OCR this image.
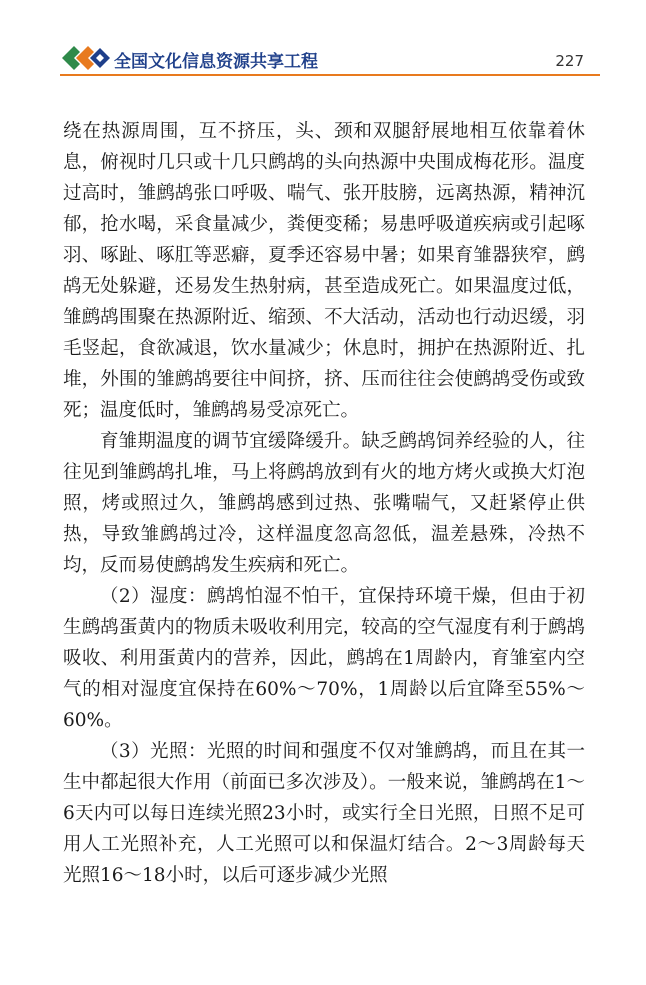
全国文化信息资源共享工程	227

绕在热源周围，互不挤压，头、颈和双腿舒展地相互依靠着休息，俯视时几只或十几只鹧鸪的头向热源中央围成梅花形。温度过高时，雏鹧鸪张口呼吸、喘气、张开肢膀，远离热源，精神沉郁，抢水喝，采食量减少，粪便变稀；易患呼吸道疾病或引起啄羽、啄趾、啄肛等恶癖，夏季还容易中暑；如果育雏器狭窄，鹧鸪无处躲避，还易发生热射病，甚至造成死亡。如果温度过低，雏鹧鸪围聚在热源附近、缩颈、不大活动，活动也行动迟缓，羽毛竖起，食欲减退，饮水量减少；休息时，拥护在热源附近、扎堆，外围的雏鹧鸪要往中间挤，挤、压而往往会使鹧鸪受伤或致死；温度低时，雏鹧鸪易受凉死亡。

育雏期温度的调节宜缓降缓升。缺乏鹧鸪饲养经验的人，往往见到雏鹧鸪扎堆，马上将鹧鸪放到有火的地方烤火或换大灯泡照，烤或照过久，雏鹧鸪感到过热、张嘴喘气，又赶紧停止供热，导致雏鹧鸪过冷，这样温度忽高忽低，温差悬殊，冷热不均，反而易使鹧鸪发生疾病和死亡。

（2）湿度：鹧鸪怕湿不怕干，宜保持环境干燥，但由于初生鹧鸪蛋黄内的物质未吸收利用完，较高的空气湿度有利于鹧鸪吸收、利用蛋黄内的营养，因此，鹧鸪在1周龄内，育雏室内空气的相对湿度宜保持在60%～70%，1周龄以后宜降至55%～60%。

（3）光照：光照的时间和强度不仅对雏鹧鸪，而且在其一生中都起很大作用（前面已多次涉及）。一般来说，雏鹧鸪在1～6天内可以每日连续光照23小时，或实行全日光照，日照不足可用人工光照补充，人工光照可以和保温灯结合。2～3周龄每天光照16～18小时，以后可逐步减少光照
